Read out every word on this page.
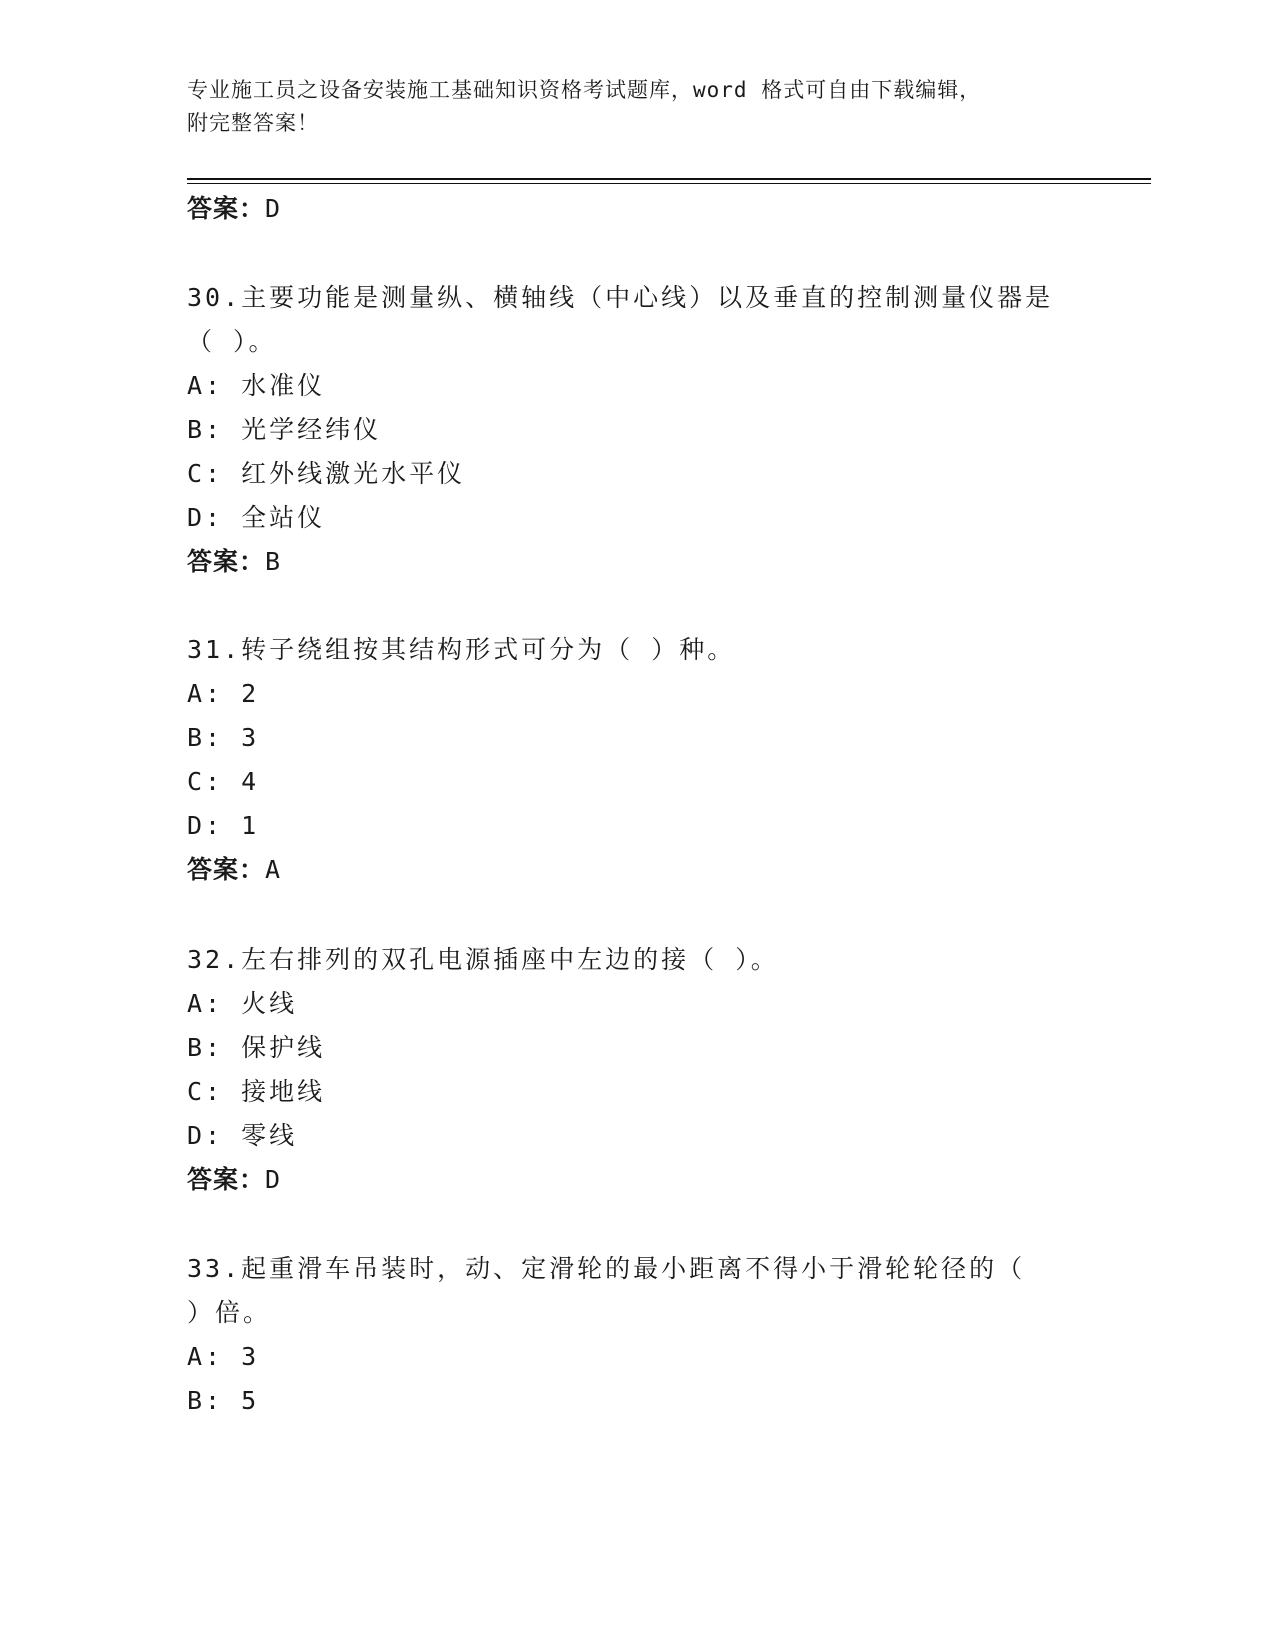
专业施工员之设备安装施工基础知识资格考试题库，word 格式可自由下载编辑，
附完整答案！
答案：D
30.主要功能是测量纵、横轴线（中心线）以及垂直的控制测量仪器是
（ ）。
A: 水准仪
B: 光学经纬仪
C: 红外线激光水平仪
D: 全站仪
答案：B
31.转子绕组按其结构形式可分为（ ）种。
A: 2
B: 3
C: 4
D: 1
答案：A
32.左右排列的双孔电源插座中左边的接（ ）。
A: 火线
B: 保护线
C: 接地线
D: 零线
答案：D
33.起重滑车吊装时，动、定滑轮的最小距离不得小于滑轮轮径的（
）倍。
A: 3
B: 5
